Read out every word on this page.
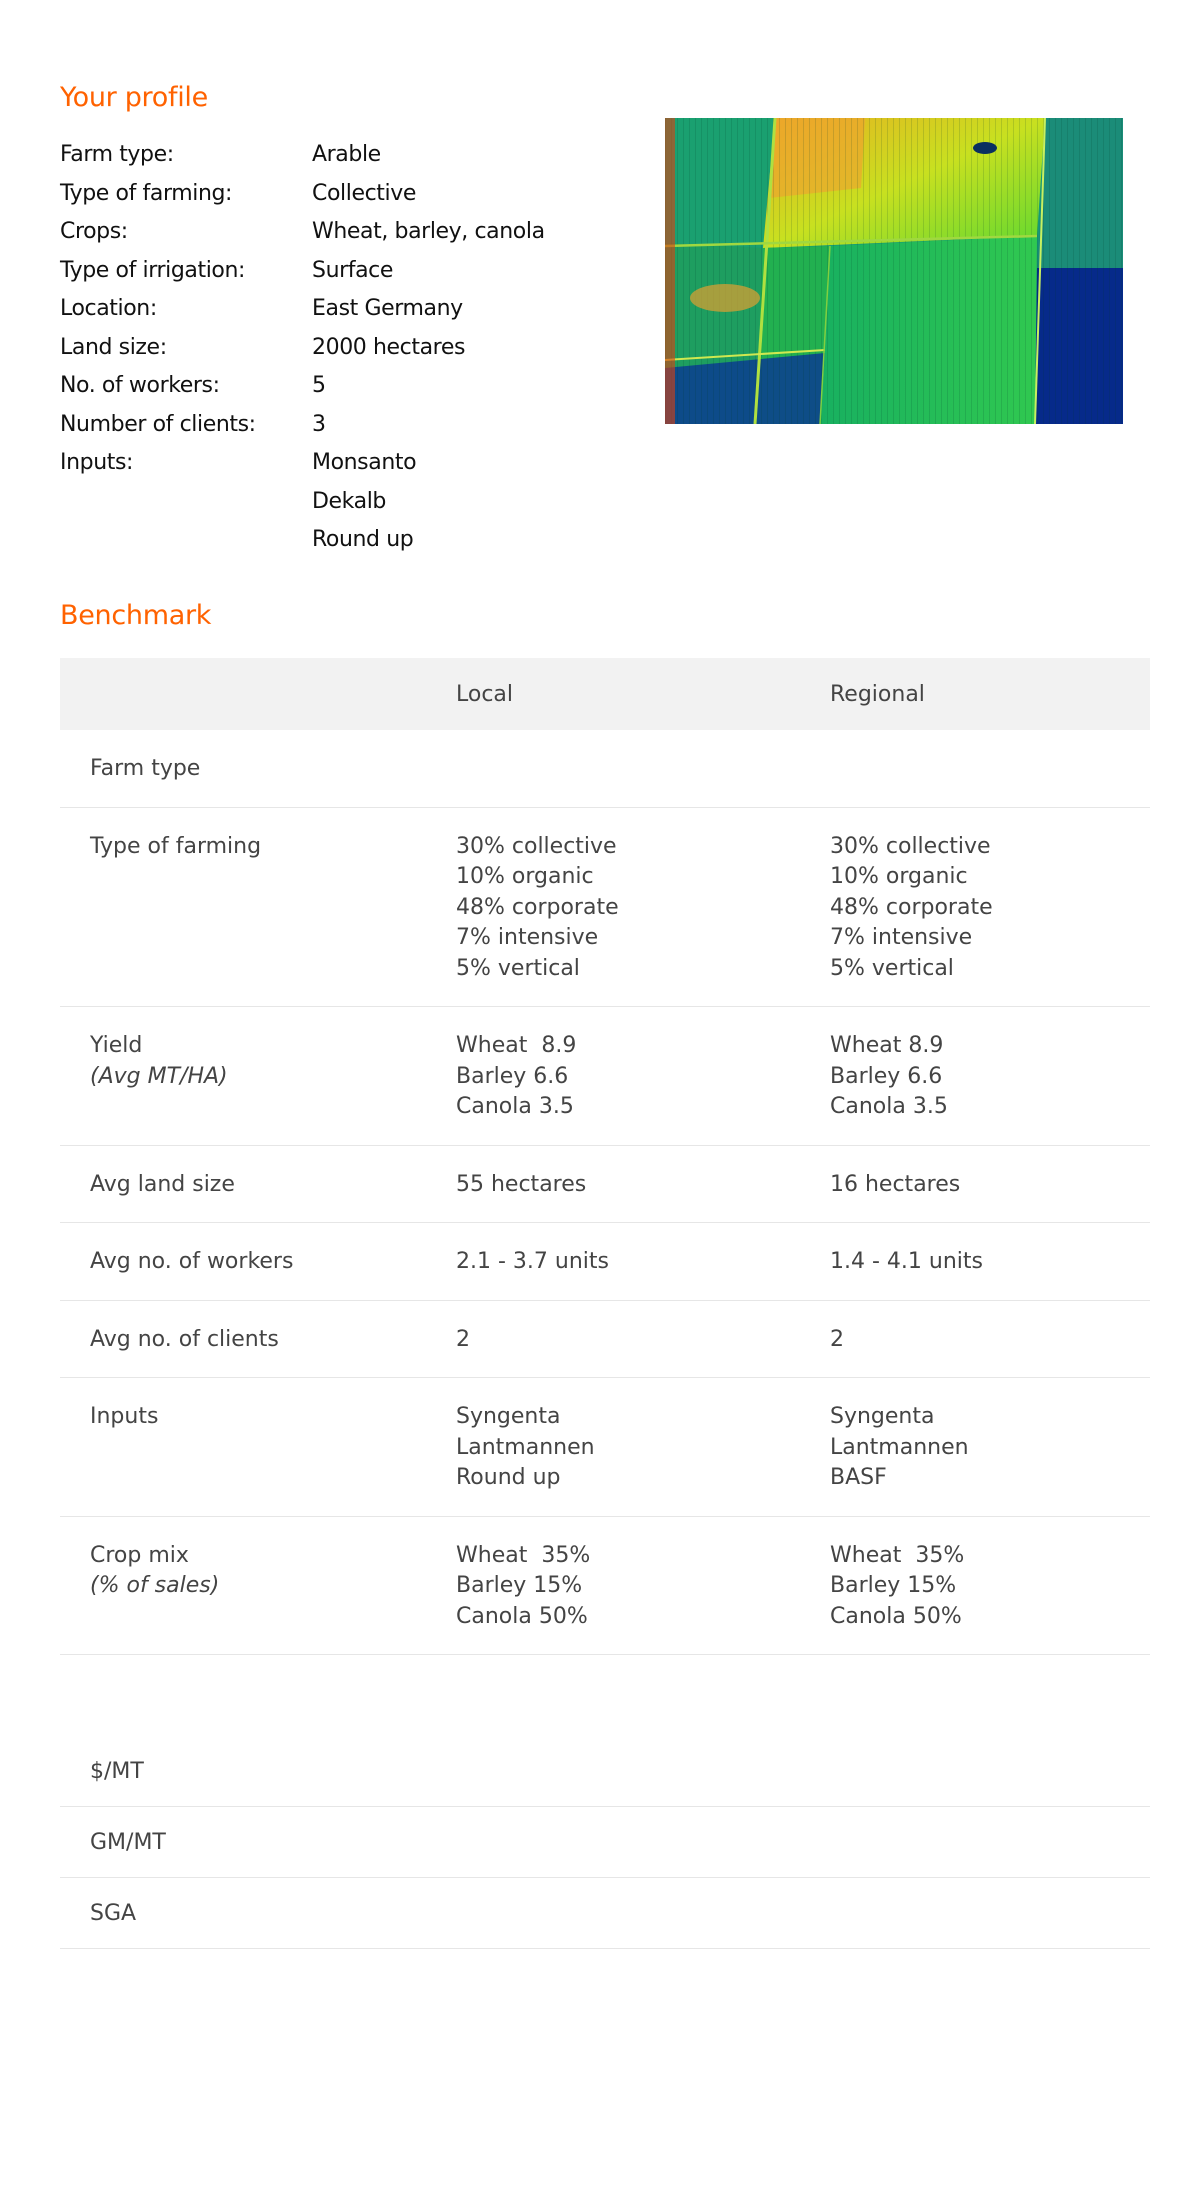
Your profile
Farm type:	Arable
Type of farming:	Collective
Crops:	Wheat, barley, canola
Type of irrigation:	Surface
Location:	East Germany
Land size:	2000 hectares
No. of workers:	5
Number of clients:	3
Inputs:	Monsanto
Dekalb
Round up
Benchmark
	Local	Regional

Farm type		

Type of farming	30% collective
10% organic
48% corporate
7% intensive
5% vertical	30% collective
10% organic
48% corporate
7% intensive
5% vertical

Yield
(Avg MT/HA)	Wheat  8.9
Barley 6.6
Canola 3.5	Wheat 8.9
Barley 6.6
Canola 3.5

Avg land size	55 hectares	16 hectares

Avg no. of workers	2.1 - 3.7 units	1.4 - 4.1 units

Avg no. of clients	2	2

Inputs	Syngenta
Lantmannen
Round up	Syngenta
Lantmannen
BASF

Crop mix
(% of sales)	Wheat  35%
Barley 15%
Canola 50%	Wheat  35%
Barley 15%
Canola 50%
$/MT
GM/MT
SGA
